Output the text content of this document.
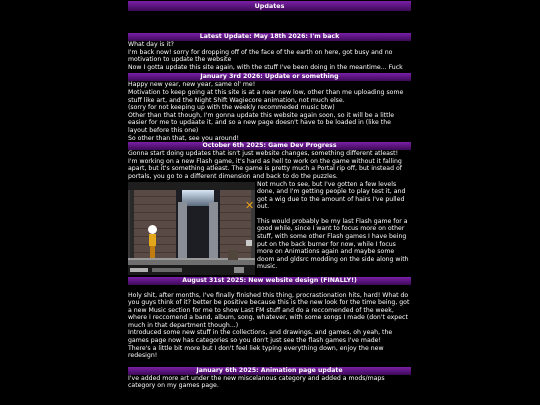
Updates
Latest Update: May 18th 2026: I'm back

What day is it?

I'm back now! sorry for dropping off of the face of the earth on here, got busy and no motivation to update the website

Now I gotta update this site again, with the stuff I've been doing in the meantime... Fuck

January 3rd 2026: Update or something

Happy new year, new year, same ol' me!

Motivation to keep going at this site is at a near new low, other than me uploading some stuff like art, and the Night Shift Wagiecore animation, not much else.

(sorry for not keeping up with the weekly recommeded music btw)

Other than that though, I'm gonna update this website again soon, so it will be a little easier for me to updaate it, and so a new page doesn't have to be loaded in (like the layout before this one)

So other than that, see you around!

October 6th 2025: Game Dev Progress

Gonna start doing updates that isn't just website changes, something different atleast!

I'm working on a new Flash game, it's hard as hell to work on the game without it falling apart, but it's something atleast. The game is pretty much a Portal rip off, but instead of portals, you go to a different dimension and back to do the puzzles.

✕

Not much to see, but I've gotten a few levels done, and I'm getting people to play test it, and got a wig due to the amount of hairs I've pulled out.

This would probably be my last Flash game for a good while, since I want to focus more on other stuff, with some other Flash games I have being put on the back burner for now, while I focus more on Animations again and maybe some doom and gldsrc modding on the side along with music.

August 31st 2025: New website design (FINALLY!)

Holy shit, after months, I've finally finished this thing, procrastionation hits, hard! What do you guys think of it? better be positive because this is the new look for the time being, got a new Music section for me to show Last FM stuff and do a reccomended of the week, where I reccomend a band, album, song, whatever, with some songs I made (don't expect much in that department though...)

Introduced some new stuff in the collections, and drawings, and games, oh yeah, the games page now has categories so you don't just see the flash games I've made!

There's a little bit more but I don't feel liek typing everything down, enjoy the new redesign!

January 6th 2025: Animation page update

I've added more art under the new miscelanous category and added a mods/maps category on my games page.
